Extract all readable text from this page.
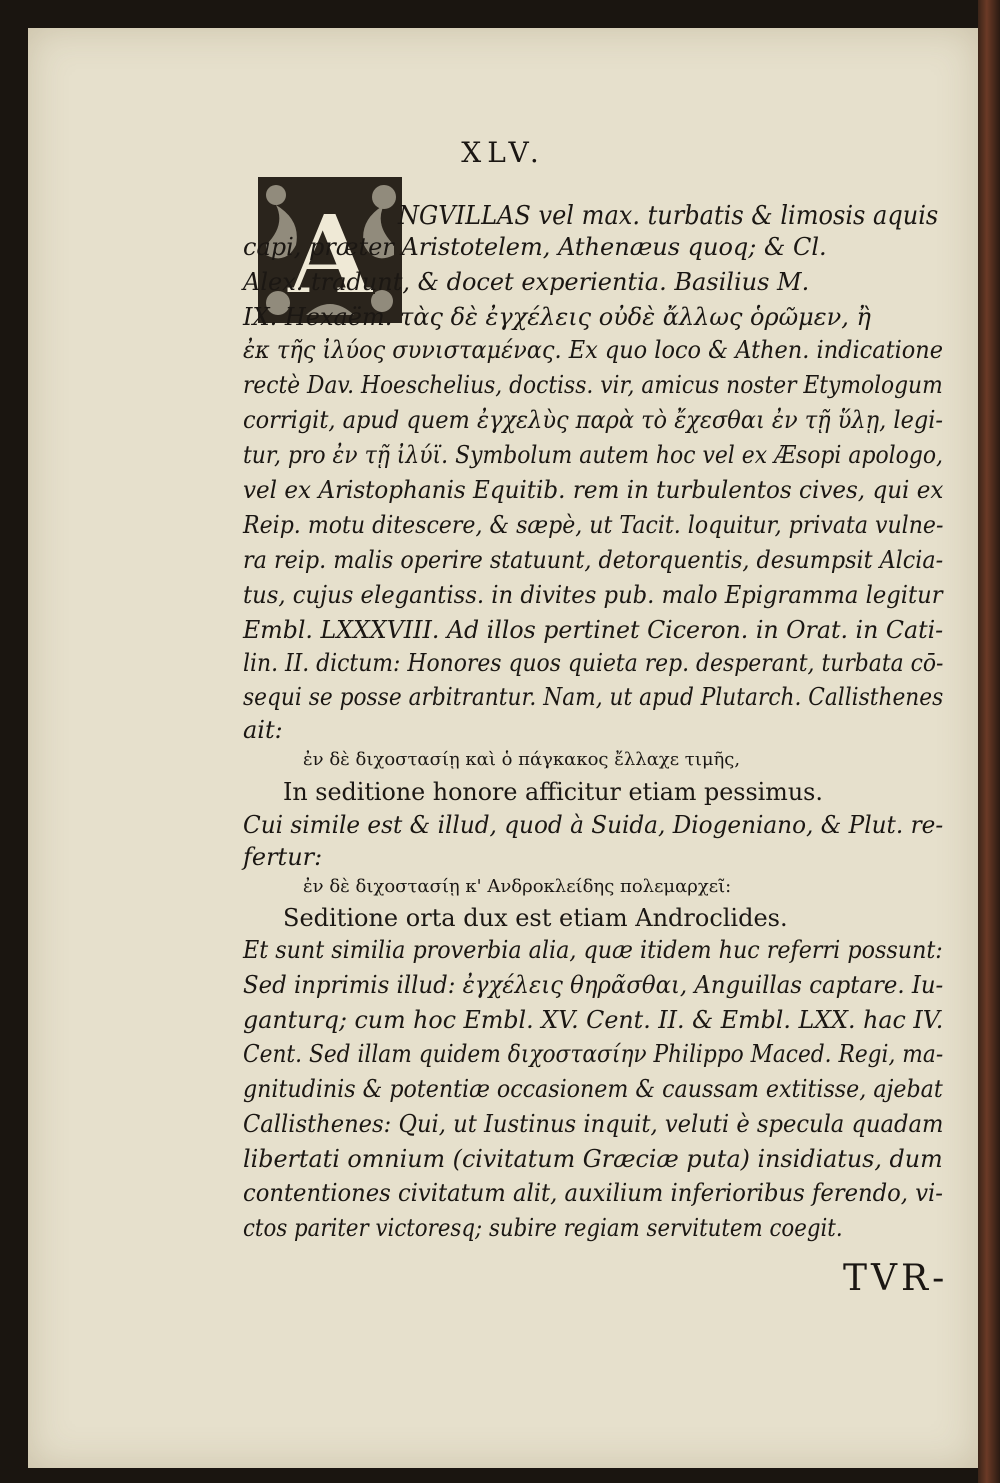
XLV.
A NGVILLAS vel max. turbatis & limosis aquis
capi, præter Aristotelem, Athenæus quoq; & Cl.
Alex. tradunt, & docet experientia. Basilius M.
IX. Hexaëm. τὰς δὲ ἐγχέλεις οὐδὲ ἄλλως ὁρῶμεν, ἢ
ἐκ τῆς ἰλύος συνισταμένας. Ex quo loco & Athen. indicatione
rectè Dav. Hoeschelius, doctiss. vir, amicus noster Etymologum
corrigit, apud quem ἐγχελὺς παρὰ τὸ ἔχεσθαι ἐν τῇ ὕλῃ, legi-
tur, pro ἐν τῇ ἰλύϊ. Symbolum autem hoc vel ex Æsopi apologo,
vel ex Aristophanis Equitib. rem in turbulentos cives, qui ex
Reip. motu ditescere, & sæpè, ut Tacit. loquitur, privata vulne-
ra reip. malis operire statuunt, detorquentis, desumpsit Alcia-
tus, cujus elegantiss. in divites pub. malo Epigramma legitur
Embl. LXXXVIII. Ad illos pertinet Ciceron. in Orat. in Cati-
lin. II. dictum: Honores quos quieta rep. desperant, turbata cō-
sequi se posse arbitrantur. Nam, ut apud Plutarch. Callisthenes
ait:
ἐν δὲ διχοστασίῃ καὶ ὁ πάγκακος ἔλλαχε τιμῆς,
In seditione honore afficitur etiam pessimus.
Cui simile est & illud, quod à Suida, Diogeniano, & Plut. re-
fertur:
ἐν δὲ διχοστασίῃ κ' Ανδροκλείδης πολεμαρχεῖ:
Seditione orta dux est etiam Androclides.
Et sunt similia proverbia alia, quæ itidem huc referri possunt:
Sed inprimis illud: ἐγχέλεις θηρᾶσθαι, Anguillas captare. Iu-
ganturq; cum hoc Embl. XV. Cent. II. & Embl. LXX. hac IV.
Cent. Sed illam quidem διχοστασίην Philippo Maced. Regi, ma-
gnitudinis & potentiæ occasionem & caussam extitisse, ajebat
Callisthenes: Qui, ut Iustinus inquit, veluti è specula quadam
libertati omnium (civitatum Græciæ puta) insidiatus, dum
contentiones civitatum alit, auxilium inferioribus ferendo, vi-
ctos pariter victoresq; subire regiam servitutem coegit.
TVR-
